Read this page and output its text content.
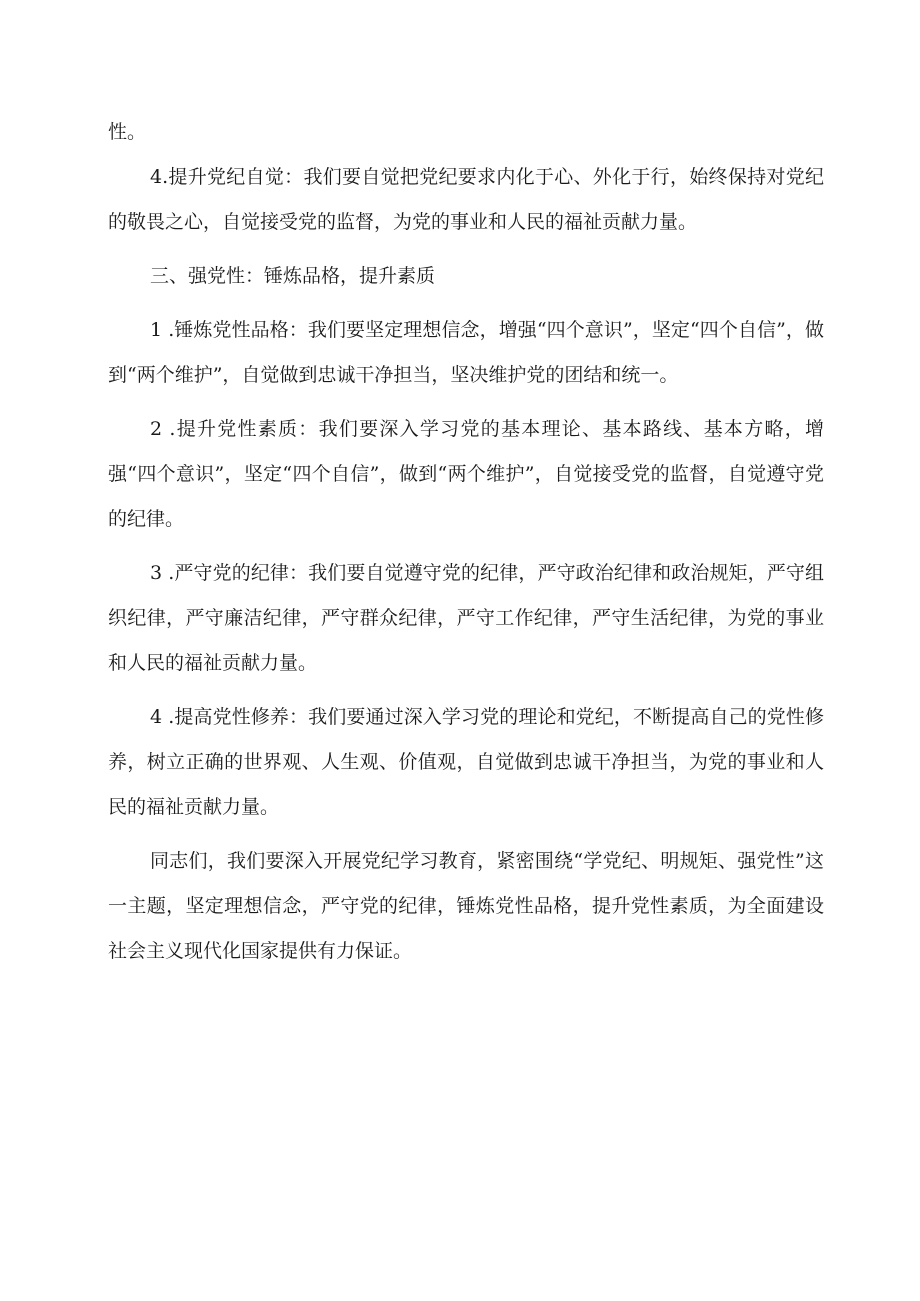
性。

4.提升党纪自觉：我们要自觉把党纪要求内化于心、外化于行，始终保持对党纪的敬畏之心，自觉接受党的监督，为党的事业和人民的福祉贡献力量。

三、强党性：锤炼品格，提升素质

1 .锤炼党性品格：我们要坚定理想信念，增强“四个意识”，坚定“四个自信”，做到“两个维护”，自觉做到忠诚干净担当，坚决维护党的团结和统一。

2 .提升党性素质：我们要深入学习党的基本理论、基本路线、基本方略，增强“四个意识”，坚定“四个自信”，做到“两个维护”，自觉接受党的监督，自觉遵守党的纪律。

3 .严守党的纪律：我们要自觉遵守党的纪律，严守政治纪律和政治规矩，严守组织纪律，严守廉洁纪律，严守群众纪律，严守工作纪律，严守生活纪律，为党的事业和人民的福祉贡献力量。

4 .提高党性修养：我们要通过深入学习党的理论和党纪，不断提高自己的党性修养，树立正确的世界观、人生观、价值观，自觉做到忠诚干净担当，为党的事业和人民的福祉贡献力量。

同志们，我们要深入开展党纪学习教育，紧密围绕“学党纪、明规矩、强党性”这一主题，坚定理想信念，严守党的纪律，锤炼党性品格，提升党性素质，为全面建设社会主义现代化国家提供有力保证。
